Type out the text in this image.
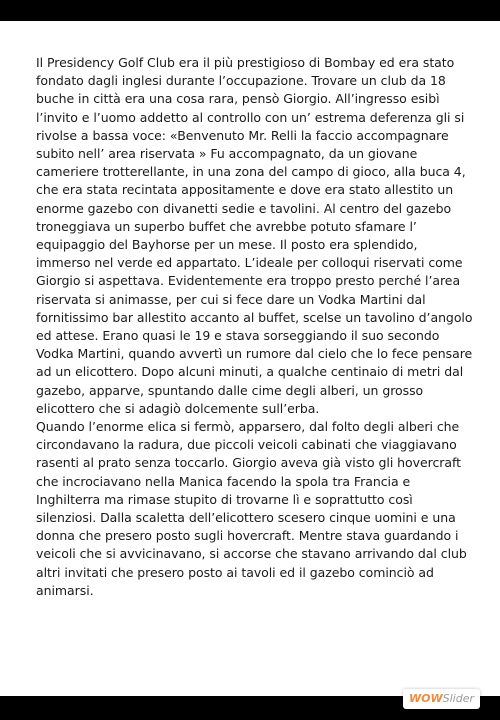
Il Presidency Golf Club era il più prestigioso di Bombay ed era stato fondato dagli inglesi durante l’occupazione. Trovare un club da 18 buche in città era una cosa rara, pensò Giorgio. All’ingresso esibì l’invito e l’uomo addetto al controllo con un’ estrema deferenza gli si rivolse a bassa voce: «Benvenuto Mr. Relli la faccio accompagnare subito nell’ area riservata » Fu accompagnato, da un giovane cameriere trotterellante, in una zona del campo di gioco, alla buca 4, che era stata recintata appositamente e dove era stato allestito un enorme gazebo con divanetti sedie e tavolini. Al centro del gazebo troneggiava un superbo buffet che avrebbe potuto sfamare l’ equipaggio del Bayhorse per un mese. Il posto era splendido, immerso nel verde ed appartato. L’ideale per colloqui riservati come Giorgio si aspettava. Evidentemente era troppo presto perché l’area riservata si animasse, per cui si fece dare un Vodka Martini dal fornitissimo bar allestito accanto al buffet, scelse un tavolino d’angolo ed attese. Erano quasi le 19 e stava sorseggiando il suo secondo Vodka Martini, quando avvertì un rumore dal cielo che lo fece pensare ad un elicottero. Dopo alcuni minuti, a qualche centinaio di metri dal gazebo, apparve, spuntando dalle cime degli alberi, un grosso elicottero che si adagiò dolcemente sull’erba.

Quando l’enorme elica si fermò, apparsero, dal folto degli alberi che circondavano la radura, due piccoli veicoli cabinati che viaggiavano rasenti al prato senza toccarlo. Giorgio aveva già visto gli hovercraft che incrociavano nella Manica facendo la spola tra Francia e Inghilterra ma rimase stupito di trovarne lì e soprattutto così silenziosi. Dalla scaletta dell’elicottero scesero cinque uomini e una donna che presero posto sugli hovercraft. Mentre stava guardando i veicoli che si avvicinavano, si accorse che stavano arrivando dal club altri invitati che presero posto ai tavoli ed il gazebo cominciò ad animarsi.

WOWSlider
